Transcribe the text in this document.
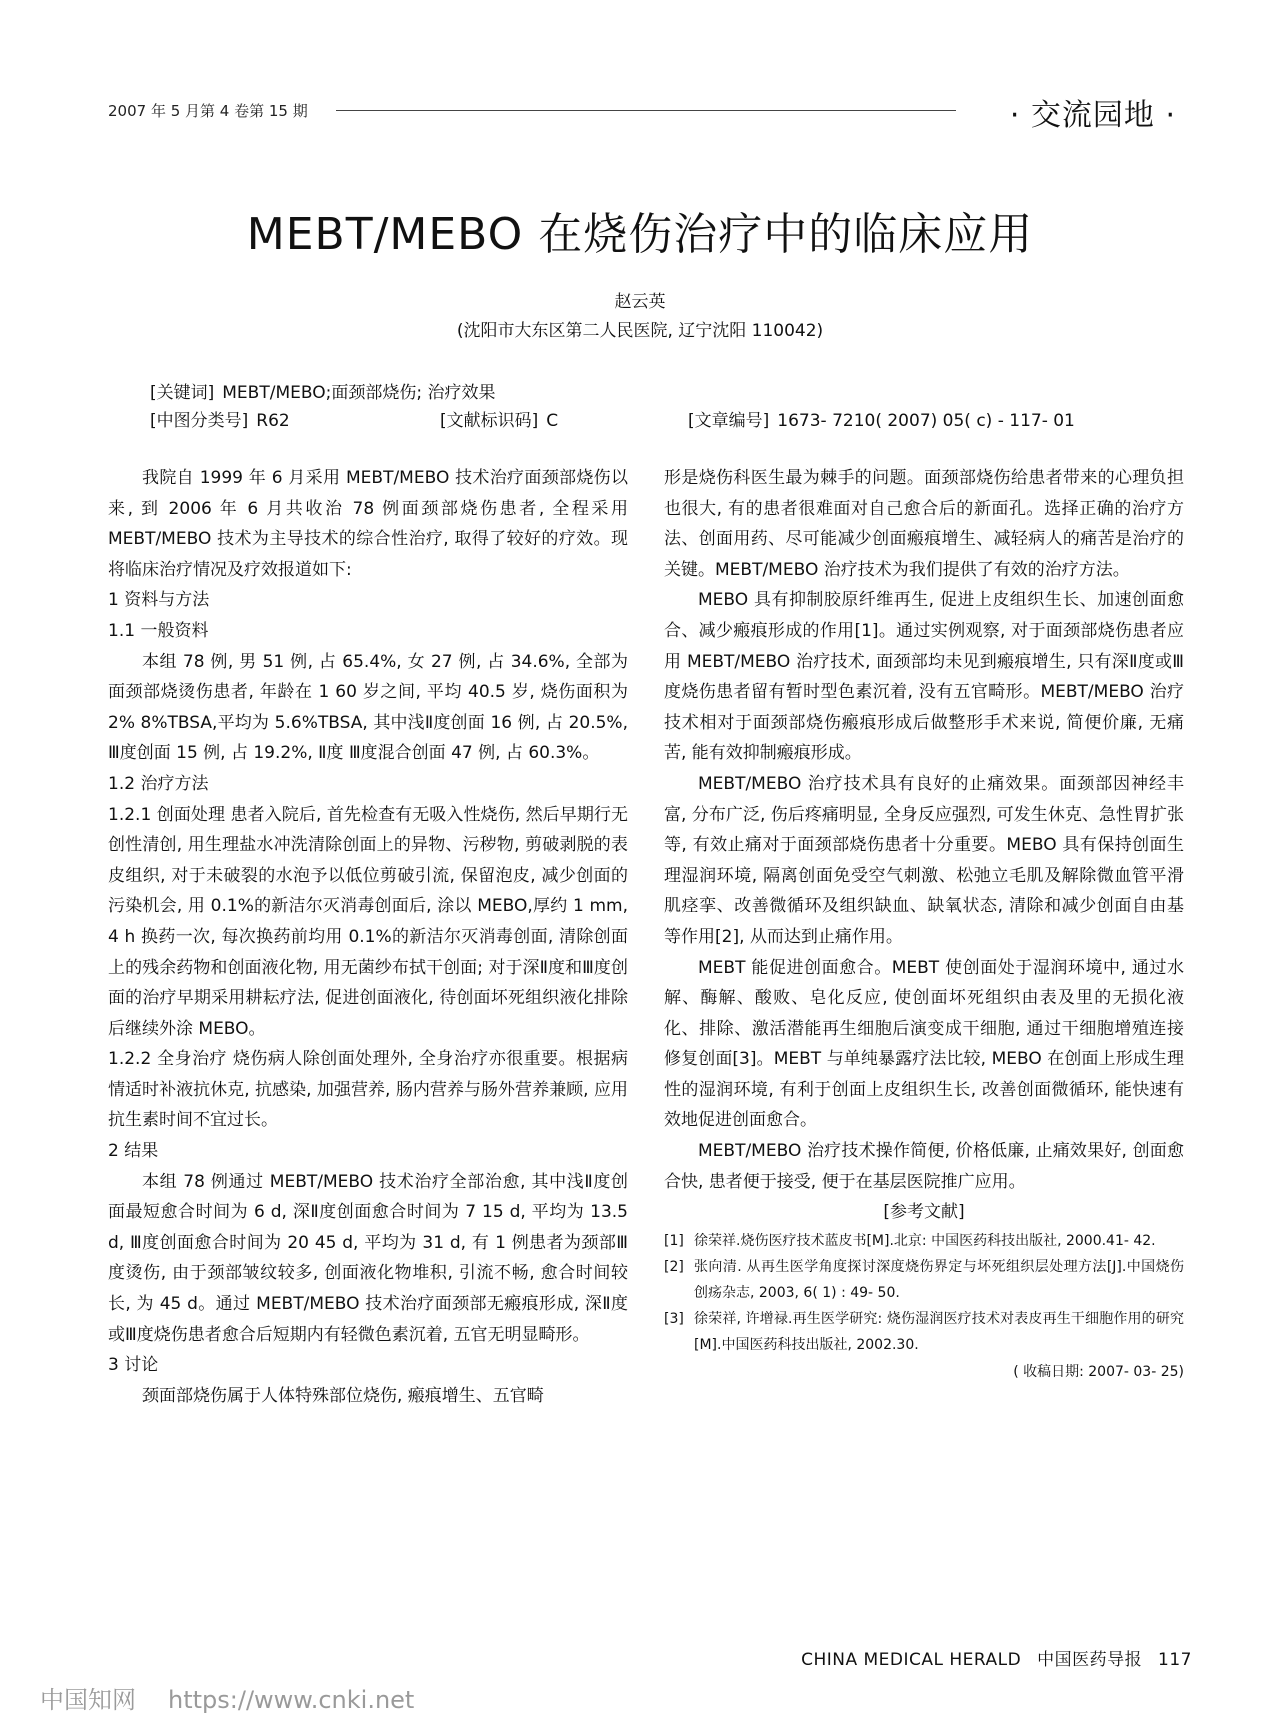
2007 年 5 月第 4 卷第 15 期	· 交流园地 ·
MEBT/MEBO 在烧伤治疗中的临床应用
赵云英
(沈阳市大东区第二人民医院, 辽宁沈阳 110042)
[关键词] MEBT/MEBO;面颈部烧伤; 治疗效果
[中图分类号] R62	[文献标识码] C	[文章编号] 1673- 7210( 2007) 05( c) - 117- 01

我院自 1999 年 6 月采用 MEBT/MEBO 技术治疗面颈部烧伤以来, 到 2006 年 6 月共收治 78 例面颈部烧伤患者, 全程采用 MEBT/MEBO 技术为主导技术的综合性治疗, 取得了较好的疗效。现将临床治疗情况及疗效报道如下:

1 资料与方法

1.1 一般资料

本组 78 例, 男 51 例, 占 65.4%, 女 27 例, 占 34.6%, 全部为面颈部烧烫伤患者, 年龄在 1 60 岁之间, 平均 40.5 岁, 烧伤面积为 2% 8%TBSA,平均为 5.6%TBSA, 其中浅Ⅱ度创面 16 例, 占 20.5%, Ⅲ度创面 15 例, 占 19.2%, Ⅱ度 Ⅲ度混合创面 47 例, 占 60.3%。

1.2 治疗方法

1.2.1 创面处理 患者入院后, 首先检查有无吸入性烧伤, 然后早期行无创性清创, 用生理盐水冲洗清除创面上的异物、污秽物, 剪破剥脱的表皮组织, 对于未破裂的水泡予以低位剪破引流, 保留泡皮, 减少创面的污染机会, 用 0.1%的新洁尔灭消毒创面后, 涂以 MEBO,厚约 1 mm, 4 h 换药一次, 每次换药前均用 0.1%的新洁尔灭消毒创面, 清除创面上的残余药物和创面液化物, 用无菌纱布拭干创面; 对于深Ⅱ度和Ⅲ度创面的治疗早期采用耕耘疗法, 促进创面液化, 待创面坏死组织液化排除后继续外涂 MEBO。

1.2.2 全身治疗 烧伤病人除创面处理外, 全身治疗亦很重要。根据病情适时补液抗休克, 抗感染, 加强营养, 肠内营养与肠外营养兼顾, 应用抗生素时间不宜过长。

2 结果

本组 78 例通过 MEBT/MEBO 技术治疗全部治愈, 其中浅Ⅱ度创面最短愈合时间为 6 d, 深Ⅱ度创面愈合时间为 7 15 d, 平均为 13.5 d, Ⅲ度创面愈合时间为 20 45 d, 平均为 31 d, 有 1 例患者为颈部Ⅲ度烫伤, 由于颈部皱纹较多, 创面液化物堆积, 引流不畅, 愈合时间较长, 为 45 d。通过 MEBT/MEBO 技术治疗面颈部无瘢痕形成, 深Ⅱ度或Ⅲ度烧伤患者愈合后短期内有轻微色素沉着, 五官无明显畸形。

3 讨论

颈面部烧伤属于人体特殊部位烧伤, 瘢痕增生、五官畸

形是烧伤科医生最为棘手的问题。面颈部烧伤给患者带来的心理负担也很大, 有的患者很难面对自己愈合后的新面孔。选择正确的治疗方法、创面用药、尽可能减少创面瘢痕增生、减轻病人的痛苦是治疗的关键。MEBT/MEBO 治疗技术为我们提供了有效的治疗方法。

MEBO 具有抑制胶原纤维再生, 促进上皮组织生长、加速创面愈合、减少瘢痕形成的作用[1]。通过实例观察, 对于面颈部烧伤患者应用 MEBT/MEBO 治疗技术, 面颈部均未见到瘢痕增生, 只有深Ⅱ度或Ⅲ度烧伤患者留有暂时型色素沉着, 没有五官畸形。MEBT/MEBO 治疗技术相对于面颈部烧伤瘢痕形成后做整形手术来说, 简便价廉, 无痛苦, 能有效抑制瘢痕形成。

MEBT/MEBO 治疗技术具有良好的止痛效果。面颈部因神经丰富, 分布广泛, 伤后疼痛明显, 全身反应强烈, 可发生休克、急性胃扩张等, 有效止痛对于面颈部烧伤患者十分重要。MEBO 具有保持创面生理湿润环境, 隔离创面免受空气刺激、松弛立毛肌及解除微血管平滑肌痉挛、改善微循环及组织缺血、缺氧状态, 清除和减少创面自由基等作用[2], 从而达到止痛作用。

MEBT 能促进创面愈合。MEBT 使创面处于湿润环境中, 通过水解、酶解、酸败、皂化反应, 使创面坏死组织由表及里的无损化液化、排除、激活潜能再生细胞后演变成干细胞, 通过干细胞增殖连接修复创面[3]。MEBT 与单纯暴露疗法比较, MEBO 在创面上形成生理性的湿润环境, 有利于创面上皮组织生长, 改善创面微循环, 能快速有效地促进创面愈合。

MEBT/MEBO 治疗技术操作简便, 价格低廉, 止痛效果好, 创面愈合快, 患者便于接受, 便于在基层医院推广应用。

[参考文献]

[1] 徐荣祥.烧伤医疗技术蓝皮书[M].北京: 中国医药科技出版社, 2000.41- 42.
[2] 张向清. 从再生医学角度探讨深度烧伤界定与坏死组织层处理方法[J].中国烧伤创疡杂志, 2003, 6( 1) : 49- 50.
[3] 徐荣祥, 许增禄.再生医学研究: 烧伤湿润医疗技术对表皮再生干细胞作用的研究[M].中国医药科技出版社, 2002.30.

( 收稿日期: 2007- 03- 25)

CHINA MEDICAL HERALD 中国医药导报 117
中国知网 https://www.cnki.net
